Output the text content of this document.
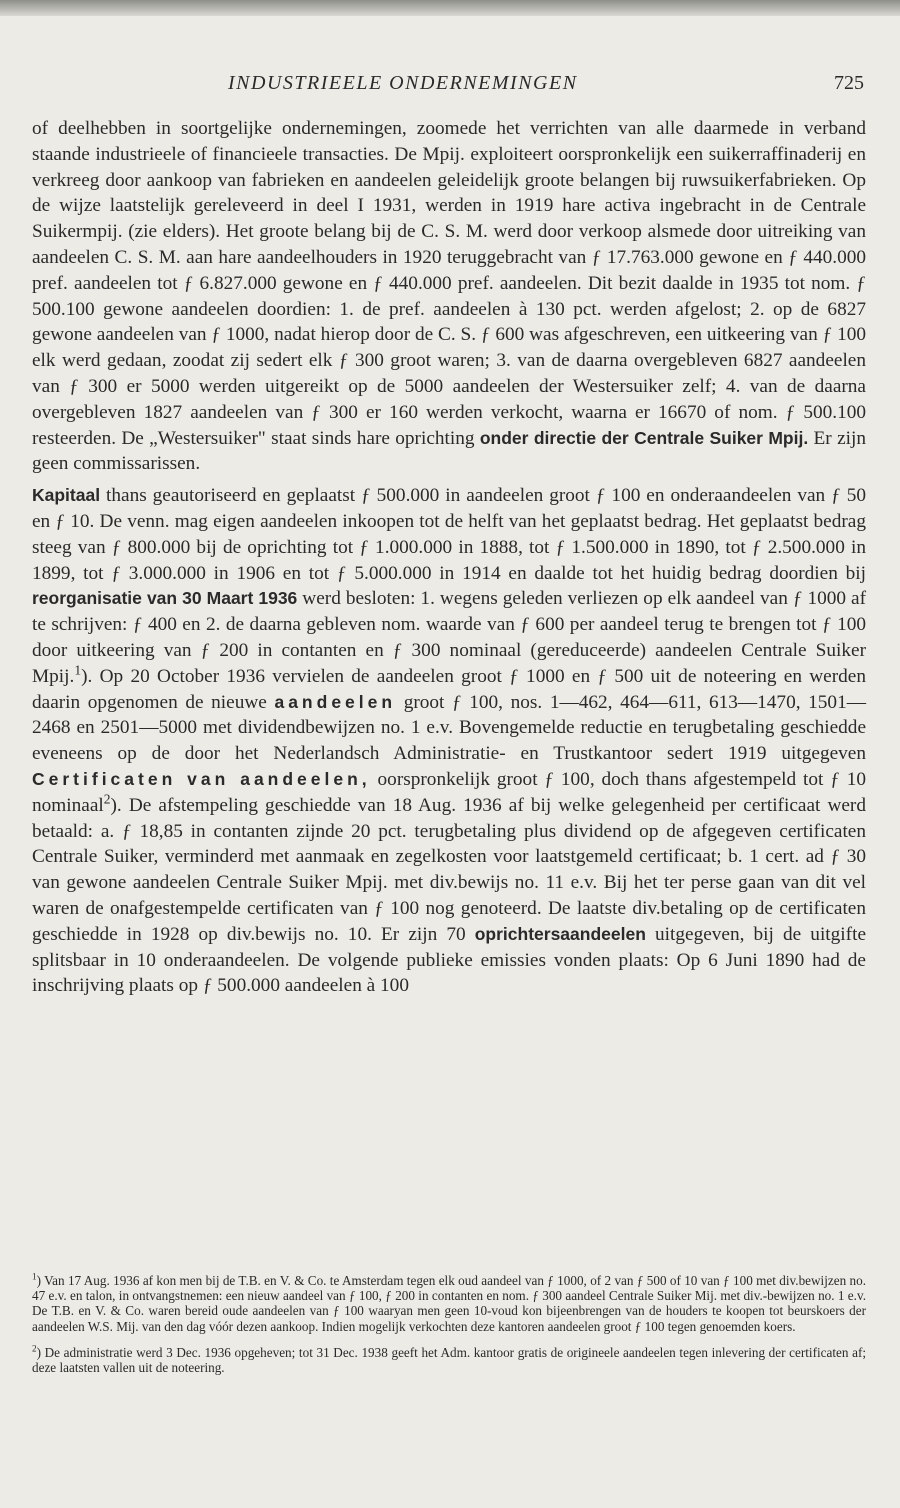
INDUSTRIEELE ONDERNEMINGEN	725

of deelhebben in soortgelijke ondernemingen, zoomede het verrichten van alle daarmede in verband staande industrieele of financieele transacties. De Mpij. exploiteert oorspronkelijk een suikerraffinaderij en verkreeg door aankoop van fabrieken en aandeelen geleidelijk groote belangen bij ruwsuikerfabrieken. Op de wijze laatstelijk gereleveerd in deel I 1931, werden in 1919 hare activa ingebracht in de Centrale Suikermpij. (zie elders). Het groote belang bij de C. S. M. werd door verkoop alsmede door uitreiking van aandeelen C. S. M. aan hare aandeelhouders in 1920 teruggebracht van ƒ 17.763.000 gewone en ƒ 440.000 pref. aandeelen tot ƒ 6.827.000 gewone en ƒ 440.000 pref. aandeelen. Dit bezit daalde in 1935 tot nom. ƒ 500.100 gewone aandeelen doordien: 1. de pref. aandeelen à 130 pct. werden afgelost; 2. op de 6827 gewone aandeelen van ƒ 1000, nadat hierop door de C. S. ƒ 600 was afgeschreven, een uitkeering van ƒ 100 elk werd gedaan, zoodat zij sedert elk ƒ 300 groot waren; 3. van de daarna overgebleven 6827 aandeelen van ƒ 300 er 5000 werden uitgereikt op de 5000 aandeelen der Westersuiker zelf; 4. van de daarna overgebleven 1827 aandeelen van ƒ 300 er 160 werden verkocht, waarna er 16670 of nom. ƒ 500.100 resteerden. De „Westersuiker" staat sinds hare oprichting onder directie der Centrale Suiker Mpij. Er zijn geen commissarissen.

Kapitaal thans geautoriseerd en geplaatst ƒ 500.000 in aandeelen groot ƒ 100 en onderaandeelen van ƒ 50 en ƒ 10. De venn. mag eigen aandeelen inkoopen tot de helft van het geplaatst bedrag. Het geplaatst bedrag steeg van ƒ 800.000 bij de oprichting tot ƒ 1.000.000 in 1888, tot ƒ 1.500.000 in 1890, tot ƒ 2.500.000 in 1899, tot ƒ 3.000.000 in 1906 en tot ƒ 5.000.000 in 1914 en daalde tot het huidig bedrag doordien bij reorganisatie van 30 Maart 1936 werd besloten: 1. wegens geleden verliezen op elk aandeel van ƒ 1000 af te schrijven: ƒ 400 en 2. de daarna gebleven nom. waarde van ƒ 600 per aandeel terug te brengen tot ƒ 100 door uitkeering van ƒ 200 in contanten en ƒ 300 nominaal (gereduceerde) aandeelen Centrale Suiker Mpij.$^1$). Op 20 October 1936 vervielen de aandeelen groot ƒ 1000 en ƒ 500 uit de noteering en werden daarin opgenomen de nieuwe aandeelen groot ƒ 100, nos. 1—462, 464—611, 613—1470, 1501—2468 en 2501—5000 met dividendbewijzen no. 1 e.v. Bovengemelde reductie en terugbetaling geschiedde eveneens op de door het Nederlandsch Administratie- en Trustkantoor sedert 1919 uitgegeven Certificaten van aandeelen, oorspronkelijk groot ƒ 100, doch thans afgestempeld tot ƒ 10 nominaal$^2$). De afstempeling geschiedde van 18 Aug. 1936 af bij welke gelegenheid per certificaat werd betaald: a. ƒ 18,85 in contanten zijnde 20 pct. terugbetaling plus dividend op de afgegeven certificaten Centrale Suiker, verminderd met aanmaak en zegelkosten voor laatstgemeld certificaat; b. 1 cert. ad ƒ 30 van gewone aandeelen Centrale Suiker Mpij. met div.bewijs no. 11 e.v. Bij het ter perse gaan van dit vel waren de onafgestempelde certificaten van ƒ 100 nog genoteerd. De laatste div.betaling op de certificaten geschiedde in 1928 op div.bewijs no. 10. Er zijn 70 oprichtersaandeelen uitgegeven, bij de uitgifte splitsbaar in 10 onderaandeelen. De volgende publieke emissies vonden plaats: Op 6 Juni 1890 had de inschrijving plaats op ƒ 500.000 aandeelen à 100

$^1$) Van 17 Aug. 1936 af kon men bij de T.B. en V. & Co. te Amsterdam tegen elk oud aandeel van ƒ 1000, of 2 van ƒ 500 of 10 van ƒ 100 met div.bewijzen no. 47 e.v. en talon, in ontvangstnemen: een nieuw aandeel van ƒ 100, ƒ 200 in contanten en nom. ƒ 300 aandeel Centrale Suiker Mij. met div.-bewijzen no. 1 e.v. De T.B. en V. & Co. waren bereid oude aandeelen van ƒ 100 waaryan men geen 10-voud kon bijeenbrengen van de houders te koopen tot beurskoers der aandeelen W.S. Mij. van den dag vóór dezen aankoop. Indien mogelijk verkochten deze kantoren aandeelen groot ƒ 100 tegen genoemden koers.

$^2$) De administratie werd 3 Dec. 1936 opgeheven; tot 31 Dec. 1938 geeft het Adm. kantoor gratis de origineele aandeelen tegen inlevering der certificaten af; deze laatsten vallen uit de noteering.
